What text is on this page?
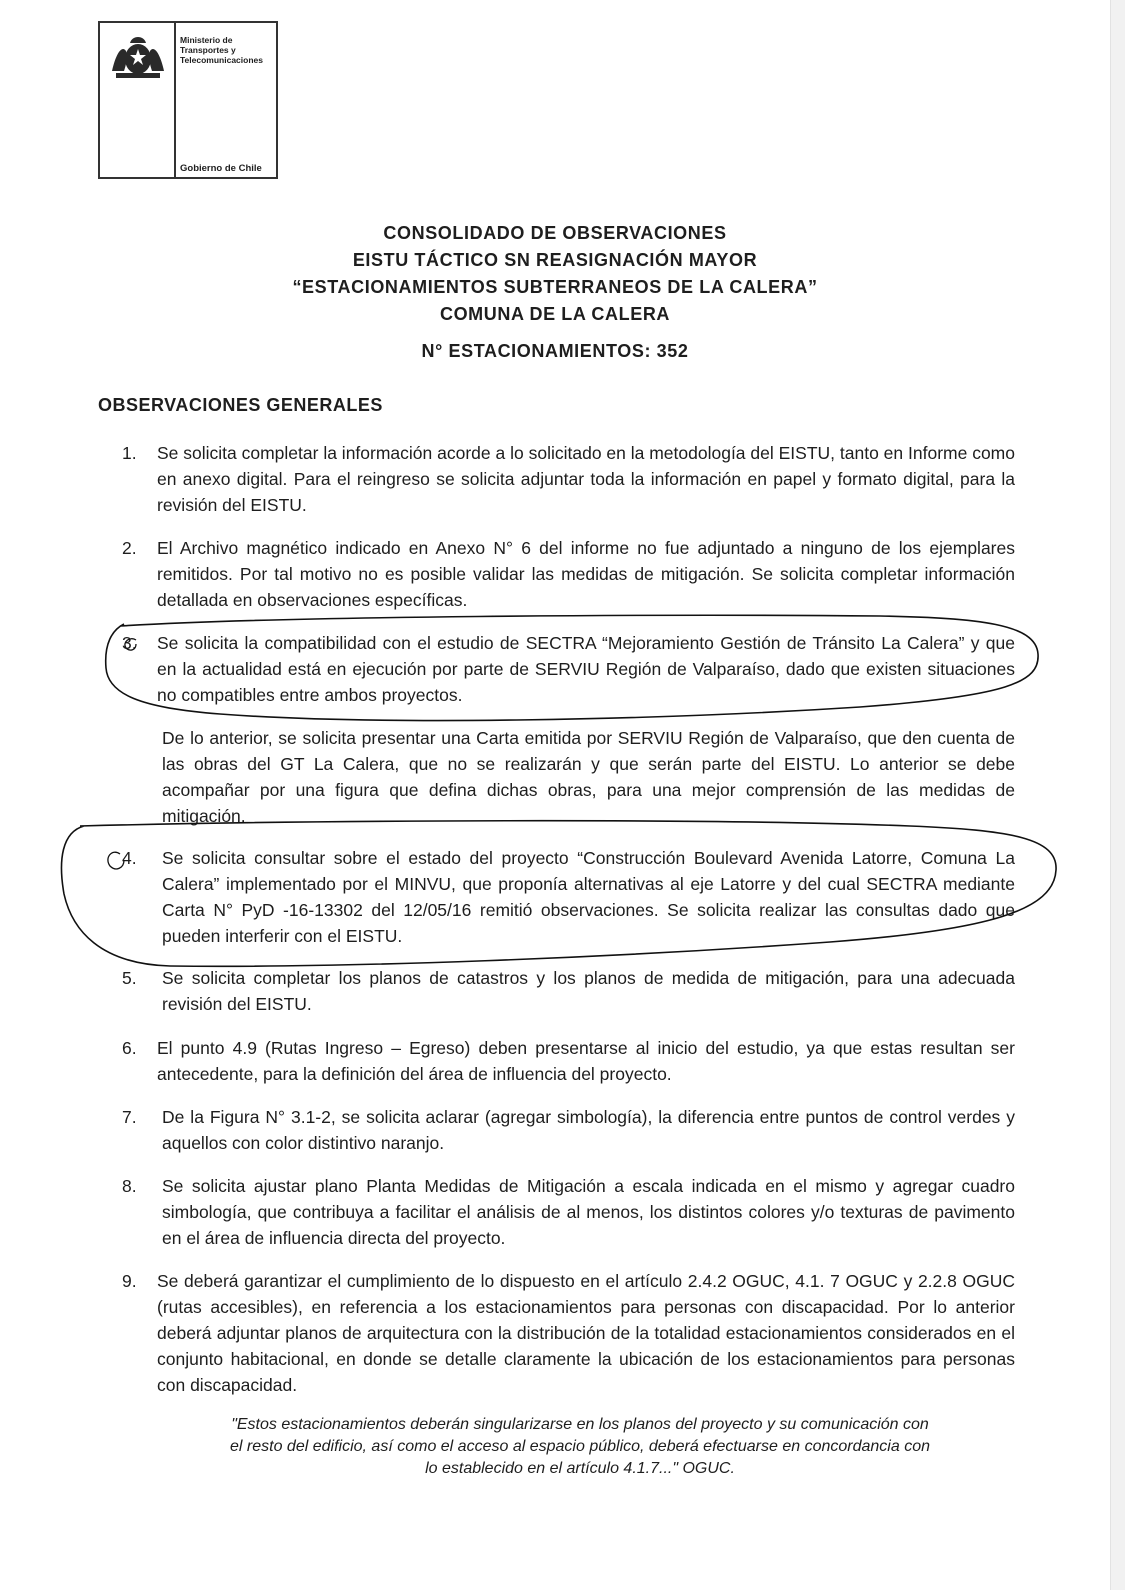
Ministerio de
Transportes y
Telecomunicaciones
Gobierno de Chile
CONSOLIDADO DE OBSERVACIONES
EISTU TÁCTICO SN REASIGNACIÓN MAYOR
“ESTACIONAMIENTOS SUBTERRANEOS DE LA CALERA”
COMUNA DE LA CALERA
N° ESTACIONAMIENTOS: 352
OBSERVACIONES GENERALES
1. Se solicita completar la información acorde a lo solicitado en la metodología del EISTU, tanto en Informe como en anexo digital. Para el reingreso se solicita adjuntar toda la información en papel y formato digital, para la revisión del EISTU.
2. El Archivo magnético indicado en Anexo N° 6 del informe no fue adjuntado a ninguno de los ejemplares remitidos. Por tal motivo no es posible validar las medidas de mitigación. Se solicita completar información detallada en observaciones específicas.
3. Se solicita la compatibilidad con el estudio de SECTRA “Mejoramiento Gestión de Tránsito La Calera” y que en la actualidad está en ejecución por parte de SERVIU Región de Valparaíso, dado que existen situaciones no compatibles entre ambos proyectos.
De lo anterior, se solicita presentar una Carta emitida por SERVIU Región de Valparaíso, que den cuenta de las obras del GT La Calera, que no se realizarán y que serán parte del EISTU. Lo anterior se debe acompañar por una figura que defina dichas obras, para una mejor comprensión de las medidas de mitigación.
4. Se solicita consultar sobre el estado del proyecto “Construcción Boulevard Avenida Latorre, Comuna La Calera” implementado por el MINVU, que proponía alternativas al eje Latorre y del cual SECTRA mediante Carta N° PyD -16-13302 del 12/05/16 remitió observaciones. Se solicita realizar las consultas dado que pueden interferir con el EISTU.
5. Se solicita completar los planos de catastros y los planos de medida de mitigación, para una adecuada revisión del EISTU.
6. El punto 4.9 (Rutas Ingreso – Egreso) deben presentarse al inicio del estudio, ya que estas resultan ser antecedente, para la definición del área de influencia del proyecto.
7. De la Figura N° 3.1-2, se solicita aclarar (agregar simbología), la diferencia entre puntos de control verdes y aquellos con color distintivo naranjo.
8. Se solicita ajustar plano Planta Medidas de Mitigación a escala indicada en el mismo y agregar cuadro simbología, que contribuya a facilitar el análisis de al menos, los distintos colores y/o texturas de pavimento en el área de influencia directa del proyecto.
9. Se deberá garantizar el cumplimiento de lo dispuesto en el artículo 2.4.2 OGUC, 4.1. 7 OGUC y 2.2.8 OGUC (rutas accesibles), en referencia a los estacionamientos para personas con discapacidad. Por lo anterior deberá adjuntar planos de arquitectura con la distribución de la totalidad estacionamientos considerados en el conjunto habitacional, en donde se detalle claramente la ubicación de los estacionamientos para personas con discapacidad.
"Estos estacionamientos deberán singularizarse en los planos del proyecto y su comunicación con
el resto del edificio, así como el acceso al espacio público, deberá efectuarse en concordancia con
lo establecido en el artículo 4.1.7..." OGUC.
